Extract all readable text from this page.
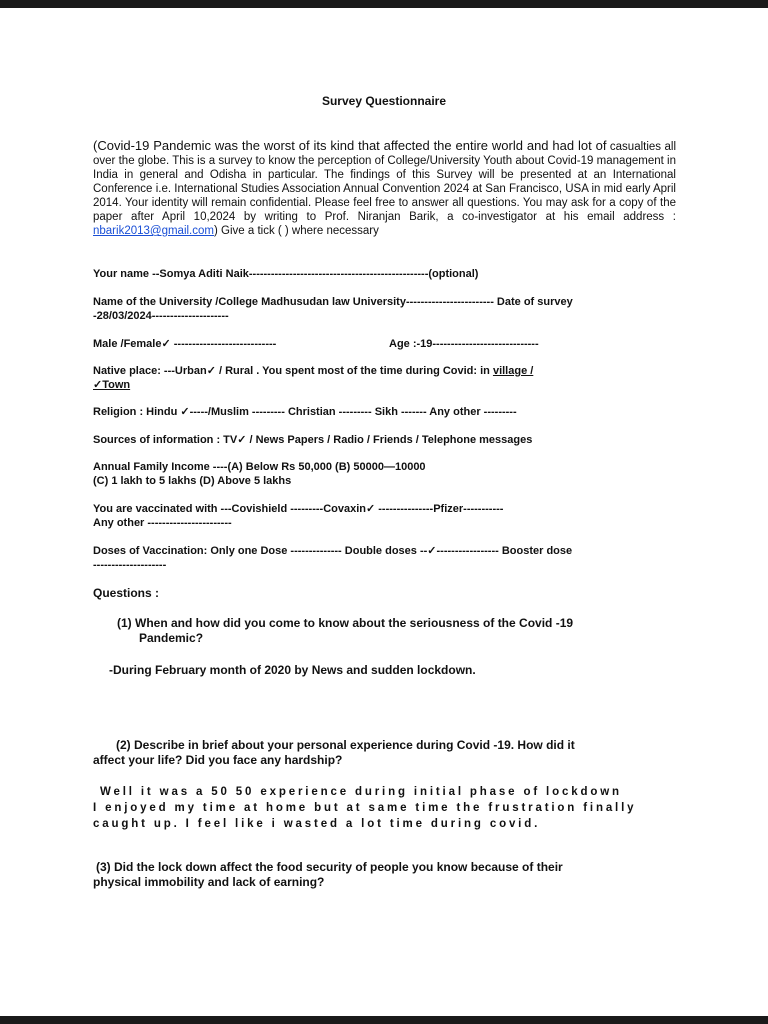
Survey Questionnaire
(Covid-19 Pandemic was the worst of its kind that affected the entire world and had lot of casualties all over the globe. This is a survey to know the perception of College/University Youth about Covid-19 management in India in general and Odisha in particular. The findings of this Survey will be presented at an International Conference i.e. International Studies Association Annual Convention 2024 at San Francisco, USA in mid early April 2014. Your identity will remain confidential. Please feel free to answer all questions. You may ask for a copy of the paper after April 10,2024 by writing to Prof. Niranjan Barik, a co-investigator at his email address : nbarik2013@gmail.com) Give a tick ( ) where necessary
Your name --Somya Aditi Naik-------------------------------------------------(optional)
Name of the University /College Madhusudan law University------------------------ Date of survey
-28/03/2024---------------------
Male /Female✓ ----------------------------	Age :-19-----------------------------
Native place: ---Urban✓ / Rural . You spent most of the time during Covid: in village /
✓Town
Religion : Hindu ✓-----/Muslim --------- Christian --------- Sikh ------- Any other ---------
Sources of information : TV✓ / News Papers / Radio / Friends / Telephone messages
Annual Family Income ----(A) Below Rs 50,000 (B) 50000—10000
(C) 1 lakh to 5 lakhs (D) Above 5 lakhs
You are vaccinated with ---Covishield ---------Covaxin✓ ---------------Pfizer-----------
Any other -----------------------
Doses of Vaccination: Only one Dose -------------- Double doses --✓----------------- Booster dose
--------------------
Questions :
(1) When and how did you come to know about the seriousness of the Covid -19
Pandemic?
-During February month of 2020 by News and sudden lockdown.
(2) Describe in brief about your personal experience during Covid -19. How did it
affect your life? Did you face any hardship?
Well it was a 50 50 experience during initial phase of lockdown
I enjoyed my time at home but at same time the frustration finally
caught up. I feel like i wasted a lot time during covid.
(3) Did the lock down affect the food security of people you know because of their
physical immobility and lack of earning?
